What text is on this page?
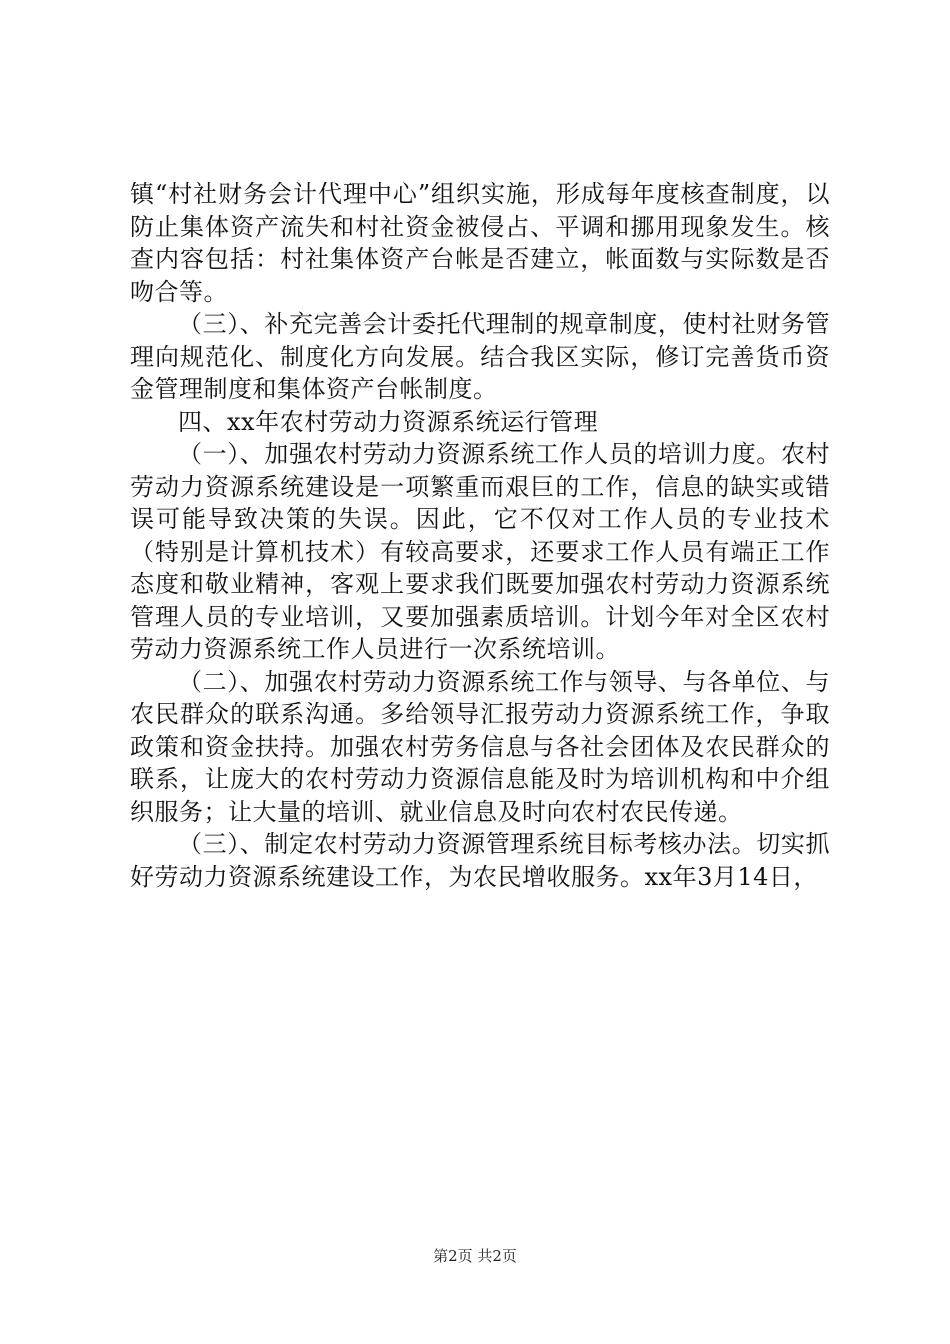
镇“村社财务会计代理中心”组织实施，形成每年度核查制度，以防止集体资产流失和村社资金被侵占、平调和挪用现象发生。核查内容包括：村社集体资产台帐是否建立，帐面数与实际数是否吻合等。

（三）、补充完善会计委托代理制的规章制度，使村社财务管理向规范化、制度化方向发展。结合我区实际，修订完善货币资金管理制度和集体资产台帐制度。

四、xx年农村劳动力资源系统运行管理

（一）、加强农村劳动力资源系统工作人员的培训力度。农村劳动力资源系统建设是一项繁重而艰巨的工作，信息的缺实或错误可能导致决策的失误。因此，它不仅对工作人员的专业技术（特别是计算机技术）有较高要求，还要求工作人员有端正工作态度和敬业精神，客观上要求我们既要加强农村劳动力资源系统管理人员的专业培训，又要加强素质培训。计划今年对全区农村劳动力资源系统工作人员进行一次系统培训。

（二）、加强农村劳动力资源系统工作与领导、与各单位、与农民群众的联系沟通。多给领导汇报劳动力资源系统工作，争取政策和资金扶持。加强农村劳务信息与各社会团体及农民群众的联系，让庞大的农村劳动力资源信息能及时为培训机构和中介组织服务；让大量的培训、就业信息及时向农村农民传递。

（三）、制定农村劳动力资源管理系统目标考核办法。切实抓好劳动力资源系统建设工作，为农民增收服务。xx年3月14日，

第2页 共2页
